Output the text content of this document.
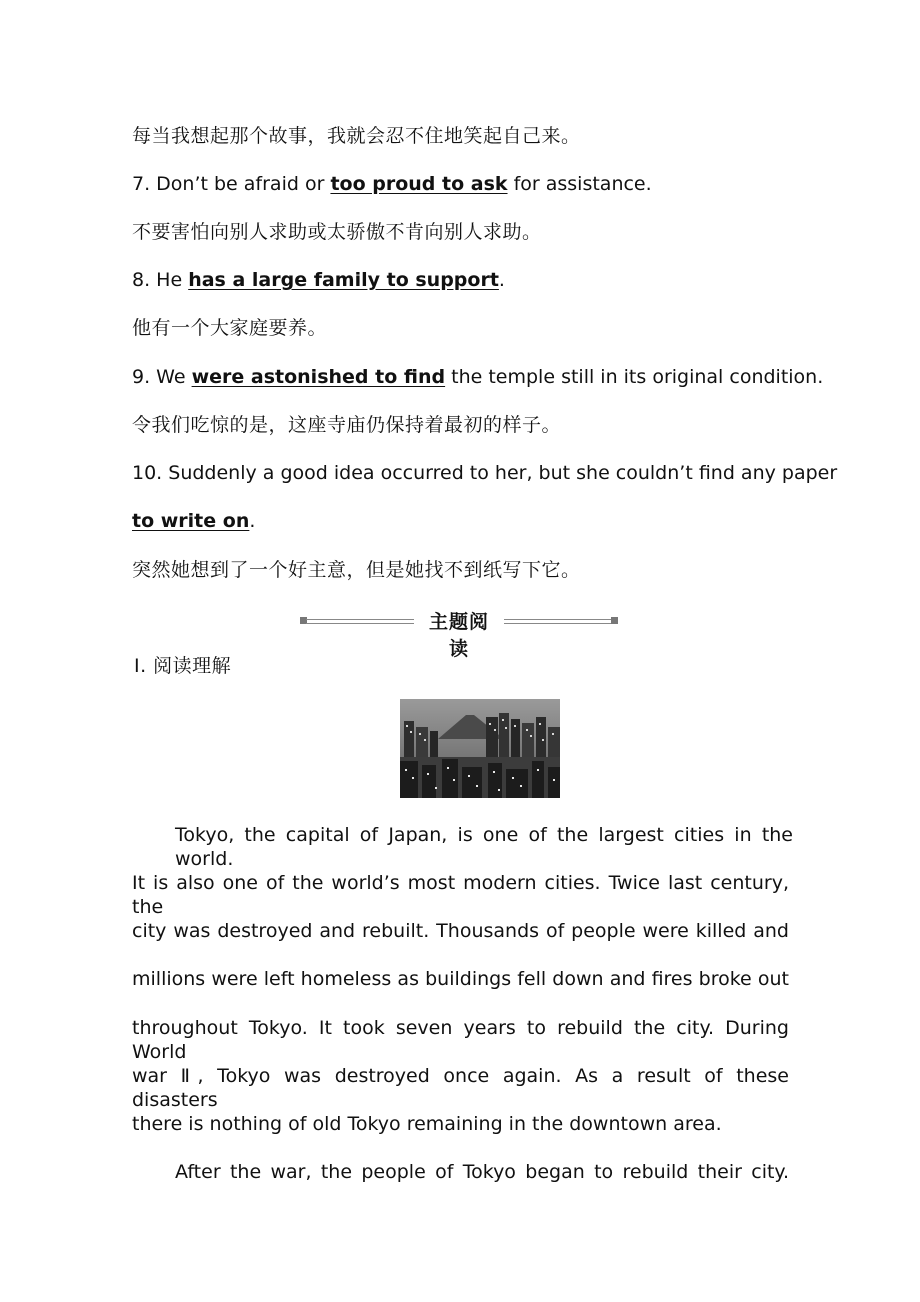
每当我想起那个故事，我就会忍不住地笑起自己来。
7. Don’t be afraid or too proud to ask for assistance.
不要害怕向别人求助或太骄傲不肯向别人求助。
8. He has a large family to support.
他有一个大家庭要养。
9. We were astonished to find the temple still in its original condition.
令我们吃惊的是，这座寺庙仍保持着最初的样子。
10. Suddenly a good idea occurred to her, but she couldn’t find any paper
to write on.
突然她想到了一个好主意，但是她找不到纸写下它。
主题阅读
Ⅰ. 阅读理解
Tokyo, the capital of Japan, is one of the largest cities in the world.
It is also one of the world’s most modern cities. Twice last century, the
city was destroyed and rebuilt. Thousands of people were killed and
millions were left homeless as buildings fell down and fires broke out
throughout Tokyo. It took seven years to rebuild the city. During World
war Ⅱ, Tokyo was destroyed once again. As a result of these disasters
there is nothing of old Tokyo remaining in the downtown area.
After the war, the people of Tokyo began to rebuild their city.
